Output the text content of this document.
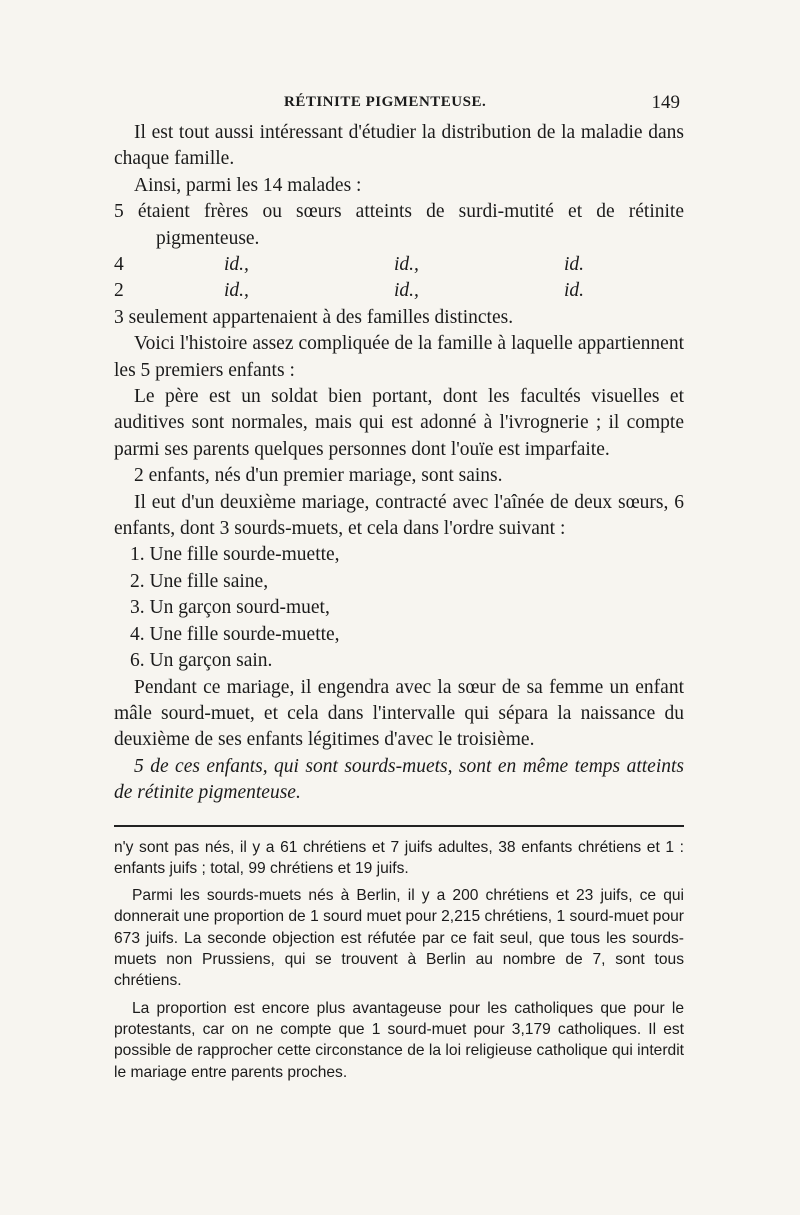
RÉTINITE PIGMENTEUSE.	149

Il est tout aussi intéressant d'étudier la distribution de la maladie dans chaque famille.

Ainsi, parmi les 14 malades :

5 étaient frères ou sœurs atteints de surdi-mutité et de rétinite pigmenteuse.

4	id.,	id.,	id.
2	id.,	id.,	id.

3 seulement appartenaient à des familles distinctes.

Voici l'histoire assez compliquée de la famille à laquelle appartiennent les 5 premiers enfants :

Le père est un soldat bien portant, dont les facultés visuelles et auditives sont normales, mais qui est adonné à l'ivrognerie ; il compte parmi ses parents quelques personnes dont l'ouïe est imparfaite.

2 enfants, nés d'un premier mariage, sont sains.

Il eut d'un deuxième mariage, contracté avec l'aînée de deux sœurs, 6 enfants, dont 3 sourds-muets, et cela dans l'ordre suivant :

1. Une fille sourde-muette,
2. Une fille saine,
3. Un garçon sourd-muet,
4. Une fille sourde-muette,
6. Un garçon sain.

Pendant ce mariage, il engendra avec la sœur de sa femme un enfant mâle sourd-muet, et cela dans l'intervalle qui sépara la naissance du deuxième de ses enfants légitimes d'avec le troisième.

5 de ces enfants, qui sont sourds-muets, sont en même temps atteints de rétinite pigmenteuse.

n'y sont pas nés, il y a 61 chrétiens et 7 juifs adultes, 38 enfants chrétiens et 1 : enfants juifs ; total, 99 chrétiens et 19 juifs.

Parmi les sourds-muets nés à Berlin, il y a 200 chrétiens et 23 juifs, ce qui donnerait une proportion de 1 sourd muet pour 2,215 chrétiens, 1 sourd-muet pour 673 juifs. La seconde objection est réfutée par ce fait seul, que tous les sourds-muets non Prussiens, qui se trouvent à Berlin au nombre de 7, sont tous chrétiens.

La proportion est encore plus avantageuse pour les catholiques que pour le protestants, car on ne compte que 1 sourd-muet pour 3,179 catholiques. Il est possible de rapprocher cette circonstance de la loi religieuse catholique qui interdit le mariage entre parents proches.
